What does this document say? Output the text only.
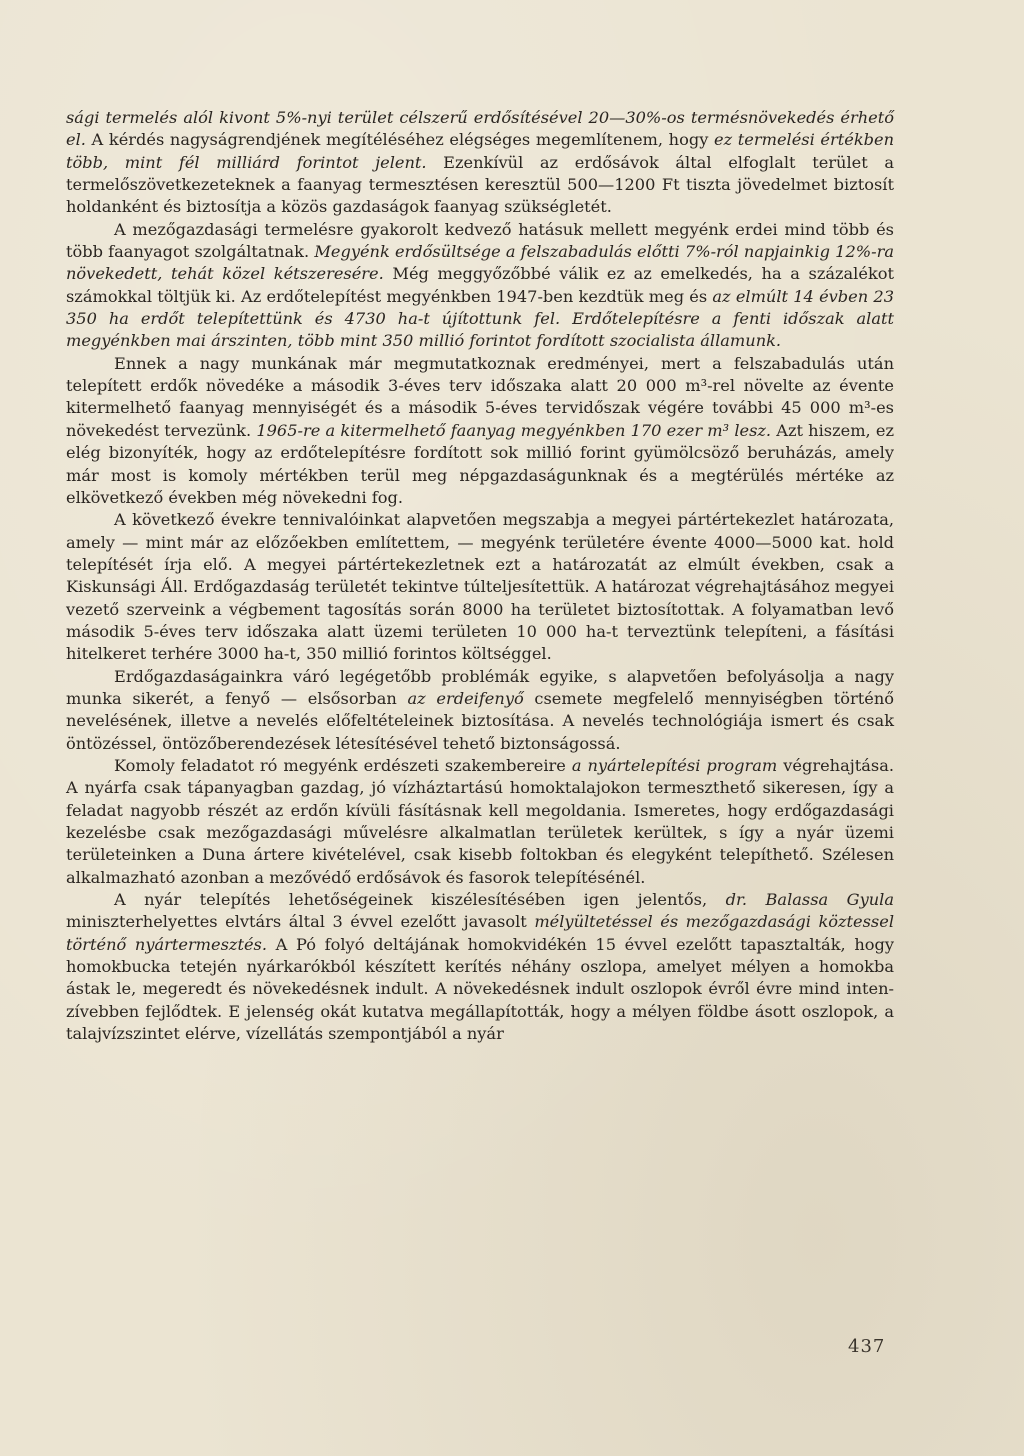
sági termelés alól kivont 5%-nyi terület célszerű erdősítésével 20—30%-os termésnövekedés érhető el. A kérdés nagyságrendjének megítéléséhez elégséges megemlítenem, hogy ez termelési értékben több, mint fél milliárd forintot jelent. Ezenkívül az erdősávok által elfoglalt terület a termelőszövetkezeteknek a faanyag termesztésen keresztül 500—1200 Ft tiszta jövedelmet biztosít holdanként és biztosítja a közös gazdaságok faanyag szükségletét.

A mezőgazdasági termelésre gyakorolt kedvező hatásuk mellett megyénk erdei mind több és több faanyagot szolgáltatnak. Megyénk erdősültsége a felszabadulás előtti 7%-ról napjainkig 12%-ra növekedett, tehát közel kétszeresére. Még meggyőzőbbé válik ez az emelkedés, ha a százalékot számokkal töltjük ki. Az erdőtelepítést megyénkben 1947-ben kezdtük meg és az elmúlt 14 évben 23 350 ha erdőt telepítettünk és 4730 ha-t újítottunk fel. Erdőtelepítésre a fenti időszak alatt megyénkben mai árszinten, több mint 350 millió forintot fordított szocialista államunk.

Ennek a nagy munkának már megmutatkoznak eredményei, mert a felszabadulás után telepített erdők növedéke a második 3-éves terv időszaka alatt 20 000 m³-rel növelte az évente kitermelhető faanyag mennyiségét és a második 5-éves tervidőszak végére további 45 000 m³-es növekedést tervezünk. 1965-re a kitermelhető faanyag megyénkben 170 ezer m³ lesz. Azt hiszem, ez elég bizonyíték, hogy az erdőtelepítésre fordított sok millió forint gyümölcsöző beruházás, amely már most is komoly mértékben terül meg népgazdaságunknak és a megtérülés mértéke az elkövetkező években még növekedni fog.

A következő évekre tennivalóinkat alapvetően megszabja a megyei pártértekezlet határozata, amely — mint már az előzőekben említettem, — megyénk területére évente 4000—5000 kat. hold telepítését írja elő. A megyei pártértekezletnek ezt a határozatát az elmúlt években, csak a Kiskunsági Áll. Erdőgazdaság területét tekintve túlteljesítettük. A határozat végrehajtásához megyei vezető szerveink a végbement tagosítás során 8000 ha területet biztosítottak. A folyamatban levő második 5-éves terv időszaka alatt üzemi területen 10 000 ha-t terveztünk telepíteni, a fásítási hitelkeret terhére 3000 ha-t, 350 millió forintos költséggel.

Erdőgazdaságainkra váró legégetőbb problémák egyike, s alapvetően befolyásolja a nagy munka sikerét, a fenyő — elsősorban az erdeifenyő csemete megfelelő mennyiségben történő nevelésének, illetve a nevelés előfeltételeinek biztosítása. A nevelés technológiája ismert és csak öntözéssel, öntözőberendezések létesítésével tehető biztonságossá.

Komoly feladatot ró megyénk erdészeti szakembereire a nyártelepítési program végrehajtása. A nyárfa csak tápanyagban gazdag, jó vízháztartású homoktalajokon termeszthető sikeresen, így a feladat nagyobb részét az erdőn kívüli fásításnak kell megoldania. Ismeretes, hogy erdőgazdasági kezelésbe csak mezőgazdasági művelésre alkalmatlan területek kerültek, s így a nyár üzemi területeinken a Duna ártere kivételével, csak kisebb foltokban és elegyként telepíthető. Szélesen alkalmazható azonban a mezővédő erdősávok és fasorok telepítésénél.

A nyár telepítés lehetőségeinek kiszélesítésében igen jelentős, dr. Balassa Gyula miniszterhelyettes elvtárs által 3 évvel ezelőtt javasolt mélyültetéssel és mezőgazdasági köztessel történő nyártermesztés. A Pó folyó deltájának homokvidékén 15 évvel ezelőtt tapasztalták, hogy homokbucka tetején nyárkarókból készített kerítés néhány oszlopa, amelyet mélyen a homokba ástak le, megeredt és növekedésnek indult. A növekedésnek indult oszlopok évről évre mind intenzívebben fejlődtek. E jelenség okát kutatva megállapították, hogy a mélyen földbe ásott oszlopok, a talajvízszintet elérve, vízellátás szempontjából a nyár

437
